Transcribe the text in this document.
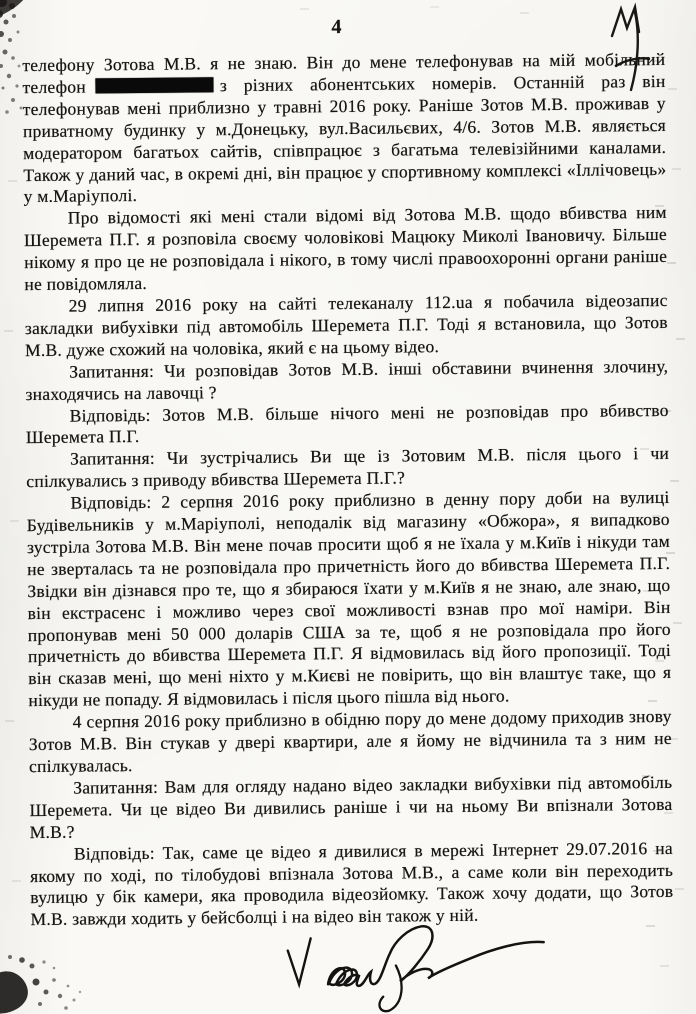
4

телефону Зотова М.В. я не знаю. Він до мене телефонував на мій мобільний телефон	з різних абонентських номерів. Останній раз він телефонував мені приблизно у травні 2016 року. Раніше Зотов М.В. проживав у приватному будинку у м.Донецьку, вул.Васильєвих, 4/6. Зотов М.В. являється модератором багатьох сайтів, співпрацює з багатьма телевізійними каналами. Також у даний час, в окремі дні, він працює у спортивному комплексі «Іллічовець» у м.Маріуполі.

Про відомості які мені стали відомі від Зотова М.В. щодо вбивства ним Шеремета П.Г. я розповіла своєму чоловікові Мацюку Миколі Івановичу. Більше нікому я про це не розповідала і нікого, в тому числі правоохоронні органи раніше не повідомляла.

29 липня 2016 року на сайті телеканалу 112.ua я побачила відеозапис закладки вибухівки під автомобіль Шеремета П.Г. Тоді я встановила, що Зотов М.В. дуже схожий на чоловіка, який є на цьому відео.

Запитання: Чи розповідав Зотов М.В. інші обставини вчинення злочину, знаходячись на лавочці ?

Відповідь: Зотов М.В. більше нічого мені не розповідав про вбивство Шеремета П.Г.

Запитання: Чи зустрічались Ви ще із Зотовим М.В. після цього і чи спілкувались з приводу вбивства Шеремета П.Г.?

Відповідь: 2 серпня 2016 року приблизно в денну пору доби на вулиці Будівельників у м.Маріуполі, неподалік від магазину «Обжора», я випадково зустріла Зотова М.В. Він мене почав просити щоб я не їхала у м.Київ і нікуди там не зверталась та не розповідала про причетність його до вбивства Шеремета П.Г. Звідки він дізнався про те, що я збираюся їхати у м.Київ я не знаю, але знаю, що він екстрасенс і можливо через свої можливості взнав про мої наміри. Він пропонував мені 50 000 доларів США за те, щоб я не розповідала про його причетність до вбивства Шеремета П.Г. Я відмовилась від його пропозиції. Тоді він сказав мені, що мені ніхто у м.Києві не повірить, що він влаштує таке, що я нікуди не попаду. Я відмовилась і після цього пішла від нього.

4 серпня 2016 року приблизно в обідню пору до мене додому приходив знову Зотов М.В. Він стукав у двері квартири, але я йому не відчинила та з ним не спілкувалась.

Запитання: Вам для огляду надано відео закладки вибухівки під автомобіль Шеремета. Чи це відео Ви дивились раніше і чи на ньому Ви впізнали Зотова М.В.?

Відповідь: Так, саме це відео я дивилися в мережі Інтернет 29.07.2016 на якому по ході, по тілобудові впізнала Зотова М.В., а саме коли він переходить вулицю у бік камери, яка проводила відеозйомку. Також хочу додати, що Зотов М.В. завжди ходить у бейсболці і на відео він також у ній.
